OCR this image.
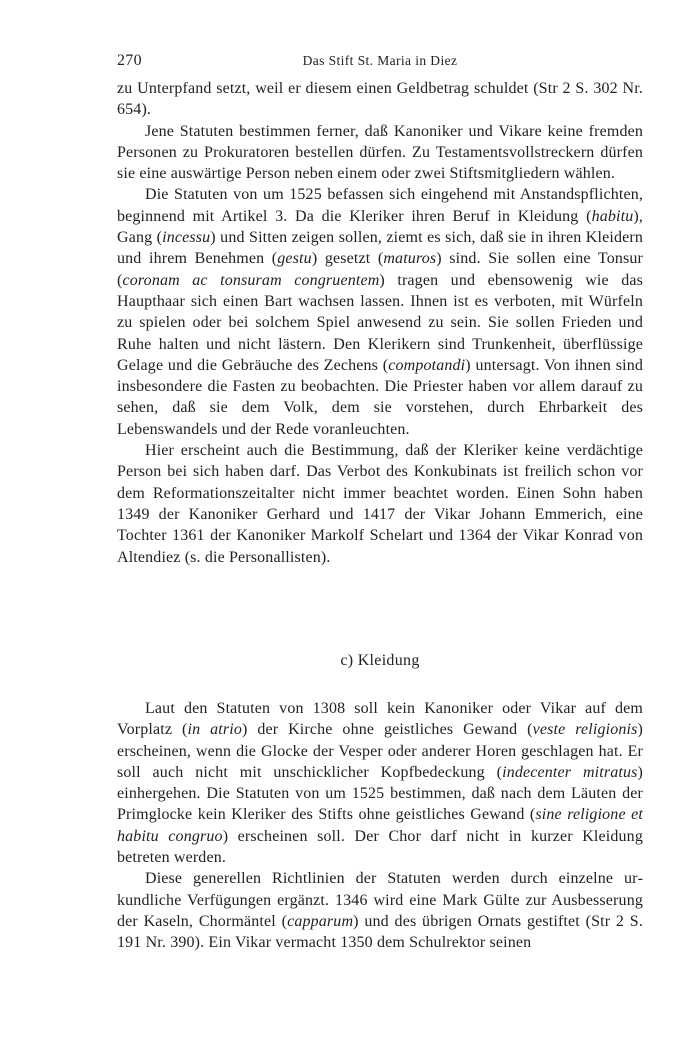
270	Das Stift St. Maria in Diez

zu Unterpfand setzt, weil er diesem einen Geldbetrag schuldet (Str 2 S. 302 Nr. 654).

Jene Statuten bestimmen ferner, daß Kanoniker und Vikare keine fremden Personen zu Prokuratoren bestellen dürfen. Zu Testamentsvollstreckern dürfen sie eine auswärtige Person neben einem oder zwei Stiftsmitgliedern wählen.

Die Statuten von um 1525 befassen sich eingehend mit Anstandspflichten, beginnend mit Artikel 3. Da die Kleriker ihren Beruf in Kleidung (habitu), Gang (incessu) und Sitten zeigen sollen, ziemt es sich, daß sie in ihren Kleidern und ihrem Benehmen (gestu) gesetzt (maturos) sind. Sie sollen eine Tonsur (coronam ac tonsuram congruentem) tragen und ebensowenig wie das Haupthaar sich einen Bart wachsen lassen. Ihnen ist es verboten, mit Würfeln zu spielen oder bei solchem Spiel anwesend zu sein. Sie sollen Frieden und Ruhe halten und nicht lästern. Den Klerikern sind Trunkenheit, überflüssige Gelage und die Gebräuche des Zechens (compotandi) untersagt. Von ihnen sind insbesondere die Fasten zu beobachten. Die Priester haben vor allem darauf zu sehen, daß sie dem Volk, dem sie vorstehen, durch Ehrbarkeit des Lebenswandels und der Rede voranleuchten.

Hier erscheint auch die Bestimmung, daß der Kleriker keine verdächtige Person bei sich haben darf. Das Verbot des Konkubinats ist freilich schon vor dem Reformationszeitalter nicht immer beachtet worden. Einen Sohn haben 1349 der Kanoniker Gerhard und 1417 der Vikar Johann Emmerich, eine Tochter 1361 der Kanoniker Markolf Schelart und 1364 der Vikar Konrad von Altendiez (s. die Personallisten).

c) Kleidung

Laut den Statuten von 1308 soll kein Kanoniker oder Vikar auf dem Vorplatz (in atrio) der Kirche ohne geistliches Gewand (veste religionis) erscheinen, wenn die Glocke der Vesper oder anderer Horen geschlagen hat. Er soll auch nicht mit unschicklicher Kopfbedeckung (indecenter mitratus) einhergehen. Die Statuten von um 1525 bestimmen, daß nach dem Läuten der Primglocke kein Kleriker des Stifts ohne geistliches Gewand (sine religione et habitu congruo) erscheinen soll. Der Chor darf nicht in kurzer Kleidung betreten werden.

Diese generellen Richtlinien der Statuten werden durch einzelne urkundliche Verfügungen ergänzt. 1346 wird eine Mark Gülte zur Ausbesserung der Kaseln, Chormäntel (capparum) und des übrigen Ornats gestiftet (Str 2 S. 191 Nr. 390). Ein Vikar vermacht 1350 dem Schulrektor seinen
